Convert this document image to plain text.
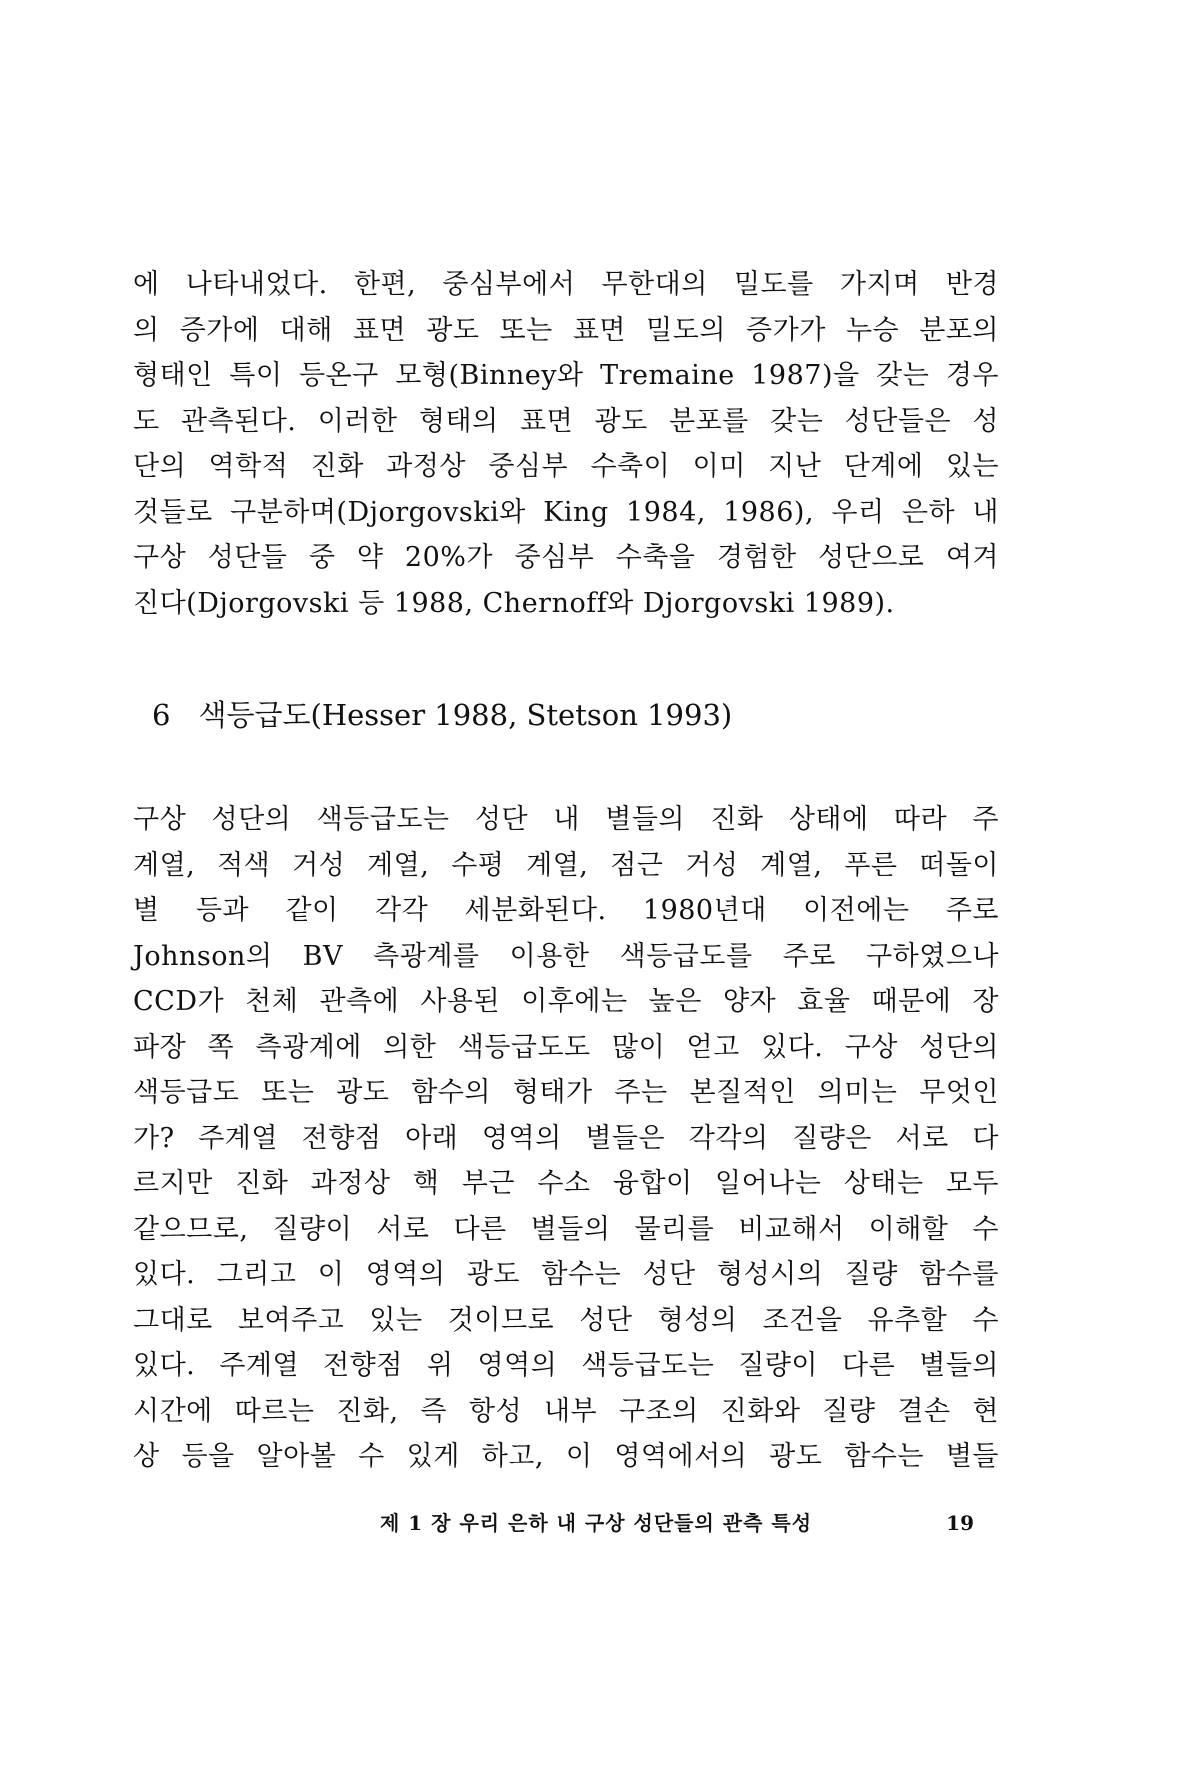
에 나타내었다. 한편, 중심부에서 무한대의 밀도를 가지며 반경
의 증가에 대해 표면 광도 또는 표면 밀도의 증가가 누승 분포의
형태인 특이 등온구 모형(Binney와 Tremaine 1987)을 갖는 경우
도 관측된다. 이러한 형태의 표면 광도 분포를 갖는 성단들은 성
단의 역학적 진화 과정상 중심부 수축이 이미 지난 단계에 있는
것들로 구분하며(Djorgovski와 King 1984, 1986), 우리 은하 내
구상 성단들 중 약 20%가 중심부 수축을 경험한 성단으로 여겨
진다(Djorgovski 등 1988, Chernoff와 Djorgovski 1989).
6 색등급도(Hesser 1988, Stetson 1993)
구상 성단의 색등급도는 성단 내 별들의 진화 상태에 따라 주
계열, 적색 거성 계열, 수평 계열, 점근 거성 계열, 푸른 떠돌이
별 등과 같이 각각 세분화된다. 1980년대 이전에는 주로
Johnson의 BV 측광계를 이용한 색등급도를 주로 구하였으나
CCD가 천체 관측에 사용된 이후에는 높은 양자 효율 때문에 장
파장 쪽 측광계에 의한 색등급도도 많이 얻고 있다. 구상 성단의
색등급도 또는 광도 함수의 형태가 주는 본질적인 의미는 무엇인
가? 주계열 전향점 아래 영역의 별들은 각각의 질량은 서로 다
르지만 진화 과정상 핵 부근 수소 융합이 일어나는 상태는 모두
같으므로, 질량이 서로 다른 별들의 물리를 비교해서 이해할 수
있다. 그리고 이 영역의 광도 함수는 성단 형성시의 질량 함수를
그대로 보여주고 있는 것이므로 성단 형성의 조건을 유추할 수
있다. 주계열 전향점 위 영역의 색등급도는 질량이 다른 별들의
시간에 따르는 진화, 즉 항성 내부 구조의 진화와 질량 결손 현
상 등을 알아볼 수 있게 하고, 이 영역에서의 광도 함수는 별들
제 1 장 우리 은하 내 구상 성단들의 관측 특성	19
